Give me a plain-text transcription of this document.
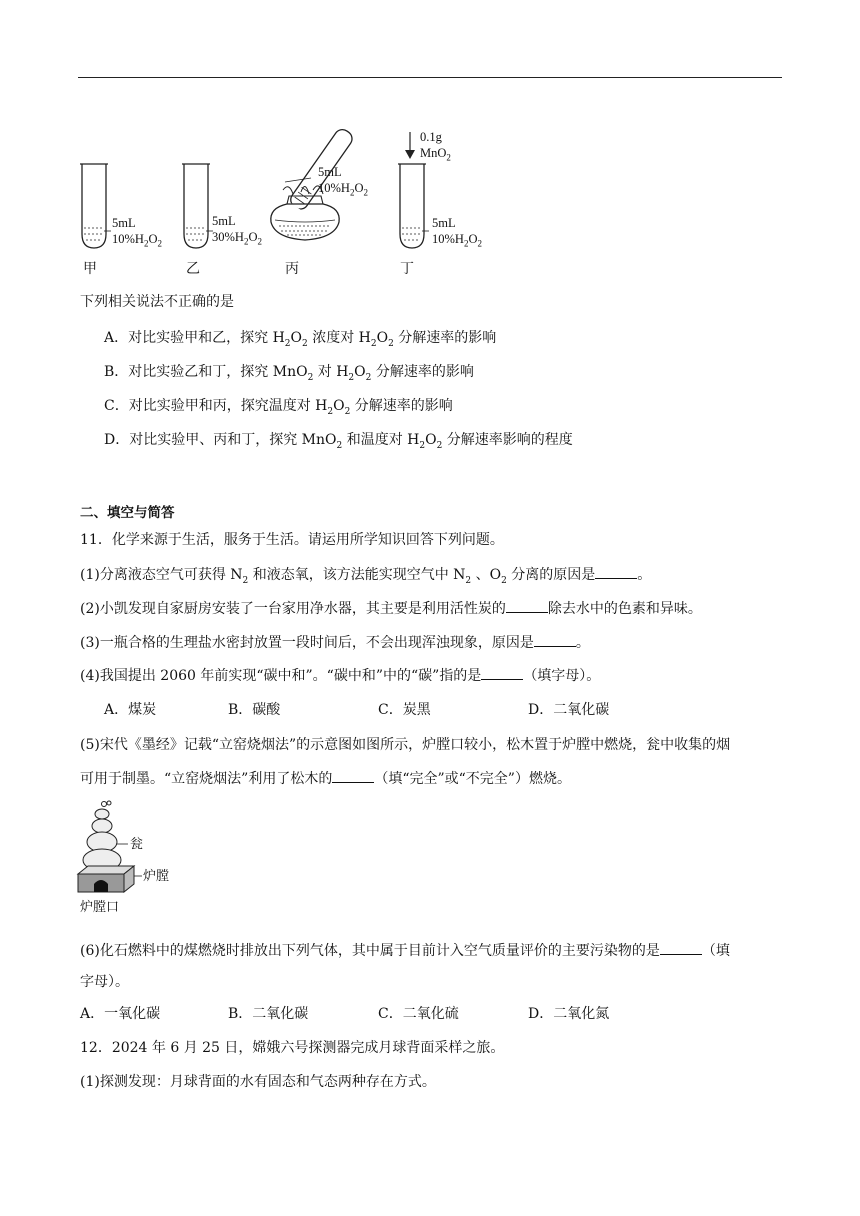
5mL
$10\%H_2O_2$
甲
5mL
$30\%H_2O_2$
乙
5mL
$10\%H_2O_2$
丙
0.1g
MnO$_2$
5mL
$10\%H_2O_2$
丁
下列相关说法不正确的是
A．对比实验甲和乙，探究 $H_2O_2$ 浓度对 $H_2O_2$ 分解速率的影响
B．对比实验乙和丁，探究 MnO$_2$ 对 $H_2O_2$ 分解速率的影响
C．对比实验甲和丙，探究温度对 $H_2O_2$ 分解速率的影响
D．对比实验甲、丙和丁，探究 MnO$_2$ 和温度对 $H_2O_2$ 分解速率影响的程度
二、填空与简答
11．化学来源于生活，服务于生活。请运用所学知识回答下列问题。
(1)分离液态空气可获得 $N_2$ 和液态氧，该方法能实现空气中 $N_2$ 、$O_2$ 分离的原因是	。
(2)小凯发现自家厨房安装了一台家用净水器，其主要是利用活性炭的	除去水中的色素和异味。
(3)一瓶合格的生理盐水密封放置一段时间后，不会出现浑浊现象，原因是	。
(4)我国提出 2060 年前实现“碳中和”。“碳中和”中的“碳”指的是	（填字母）。
A．煤炭	B．碳酸	C．炭黑	D．二氧化碳
(5)宋代《墨经》记载“立窑烧烟法”的示意图如图所示，炉膛口较小，松木置于炉膛中燃烧，瓮中收集的烟
可用于制墨。“立窑烧烟法”利用了松木的	（填“完全”或“不完全”）燃烧。
瓮
炉膛
炉膛口
(6)化石燃料中的煤燃烧时排放出下列气体，其中属于目前计入空气质量评价的主要污染物的是	（填
字母）。
A．一氧化碳	B．二氧化碳	C．二氧化硫	D．二氧化氮
12．2024 年 6 月 25 日，嫦娥六号探测器完成月球背面采样之旅。
(1)探测发现：月球背面的水有固态和气态两种存在方式。
